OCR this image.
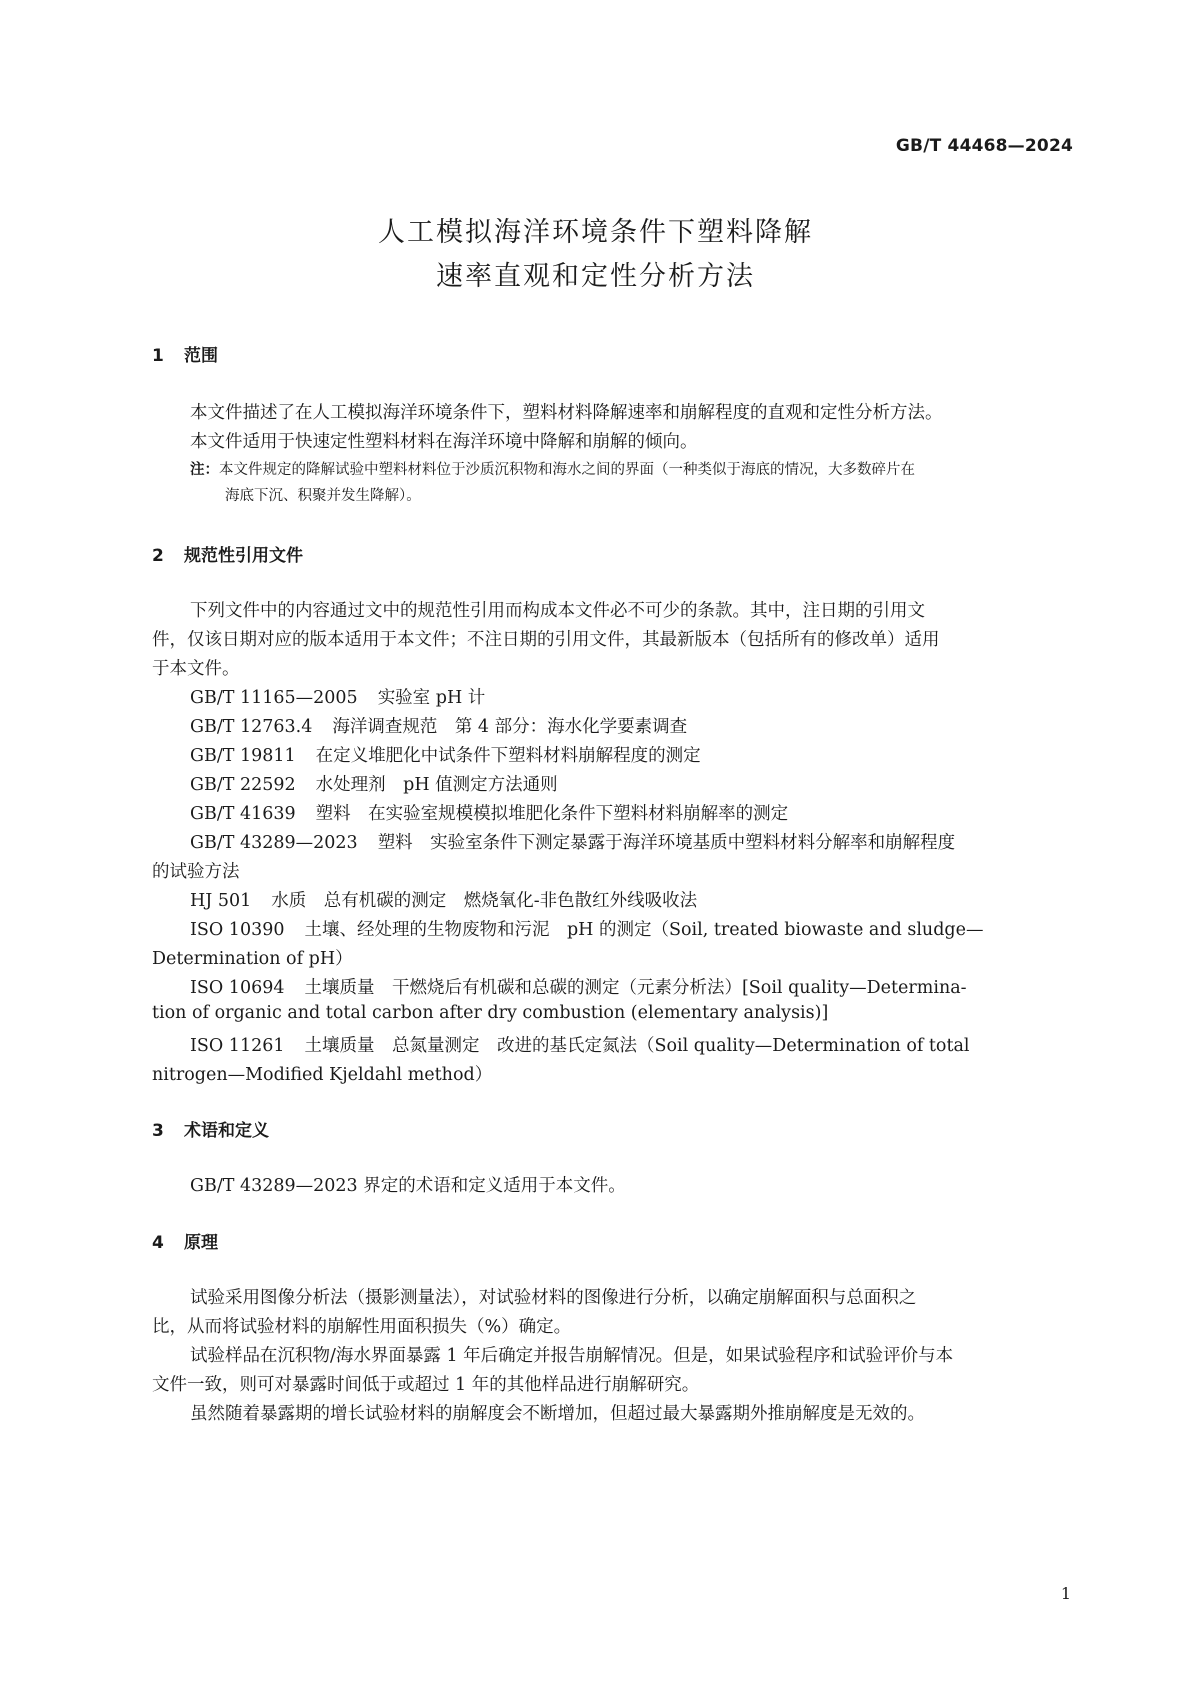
GB/T 44468—2024
人工模拟海洋环境条件下塑料降解
速率直观和定性分析方法
1 范围
本文件描述了在人工模拟海洋环境条件下，塑料材料降解速率和崩解程度的直观和定性分析方法。
本文件适用于快速定性塑料材料在海洋环境中降解和崩解的倾向。
注：本文件规定的降解试验中塑料材料位于沙质沉积物和海水之间的界面（一种类似于海底的情况，大多数碎片在
海底下沉、积聚并发生降解）。
2 规范性引用文件
下列文件中的内容通过文中的规范性引用而构成本文件必不可少的条款。其中，注日期的引用文
件，仅该日期对应的版本适用于本文件；不注日期的引用文件，其最新版本（包括所有的修改单）适用
于本文件。
GB/T 11165—2005 实验室 pH 计
GB/T 12763.4 海洋调查规范　第 4 部分：海水化学要素调查
GB/T 19811 在定义堆肥化中试条件下塑料材料崩解程度的测定
GB/T 22592 水处理剂　pH 值测定方法通则
GB/T 41639 塑料　在实验室规模模拟堆肥化条件下塑料材料崩解率的测定
GB/T 43289—2023 塑料　实验室条件下测定暴露于海洋环境基质中塑料材料分解率和崩解程度
的试验方法
HJ 501 水质　总有机碳的测定　燃烧氧化-非色散红外线吸收法
ISO 10390 土壤、经处理的生物废物和污泥　pH 的测定（Soil, treated biowaste and sludge—
Determination of pH）
ISO 10694 土壤质量　干燃烧后有机碳和总碳的测定（元素分析法）[Soil quality—Determina-
tion of organic and total carbon after dry combustion (elementary analysis)]
ISO 11261 土壤质量　总氮量测定　改进的基氏定氮法（Soil quality—Determination of total
nitrogen—Modified Kjeldahl method）
3 术语和定义
GB/T 43289—2023 界定的术语和定义适用于本文件。
4 原理
试验采用图像分析法（摄影测量法），对试验材料的图像进行分析，以确定崩解面积与总面积之
比，从而将试验材料的崩解性用面积损失（%）确定。
试验样品在沉积物/海水界面暴露 1 年后确定并报告崩解情况。但是，如果试验程序和试验评价与本
文件一致，则可对暴露时间低于或超过 1 年的其他样品进行崩解研究。
虽然随着暴露期的增长试验材料的崩解度会不断增加，但超过最大暴露期外推崩解度是无效的。
1
